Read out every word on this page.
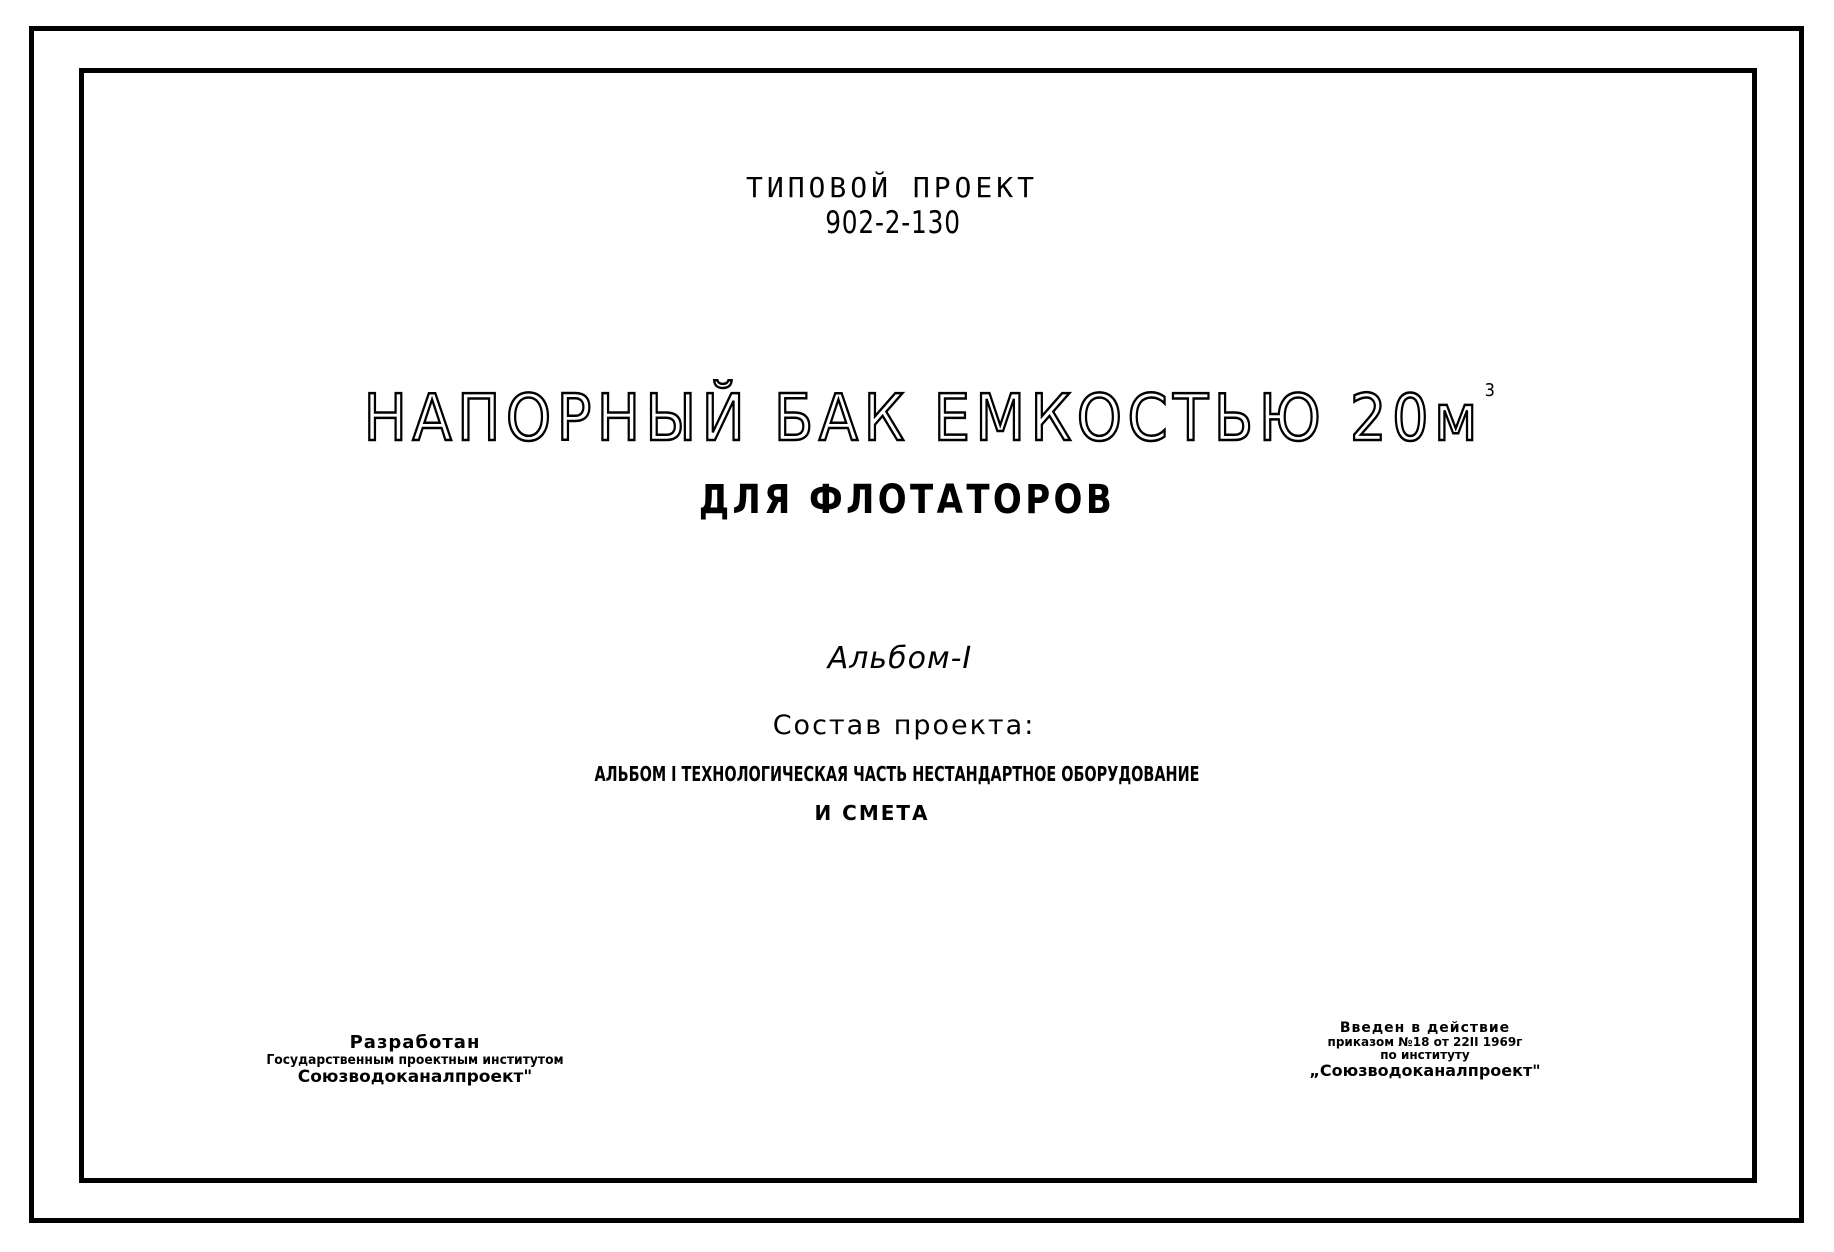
ТИПОВОЙ ПРОЕКТ
902-2-130
НАПОРНЫЙ БАК ЕМКОСТЬЮ $20м^3$
ДЛЯ ФЛОТАТОРОВ
Альбом-I
Состав проекта:
АЛЬБОМ I ТЕХНОЛОГИЧЕСКАЯ ЧАСТЬ НЕСТАНДАРТНОЕ ОБОРУДОВАНИЕ
И СМЕТА
Разработан
Государственным проектным институтом
Союзводоканалпроект"
Введен в действие
приказом №18 от 22II 1969г
по институту
„Союзводоканалпроект"
